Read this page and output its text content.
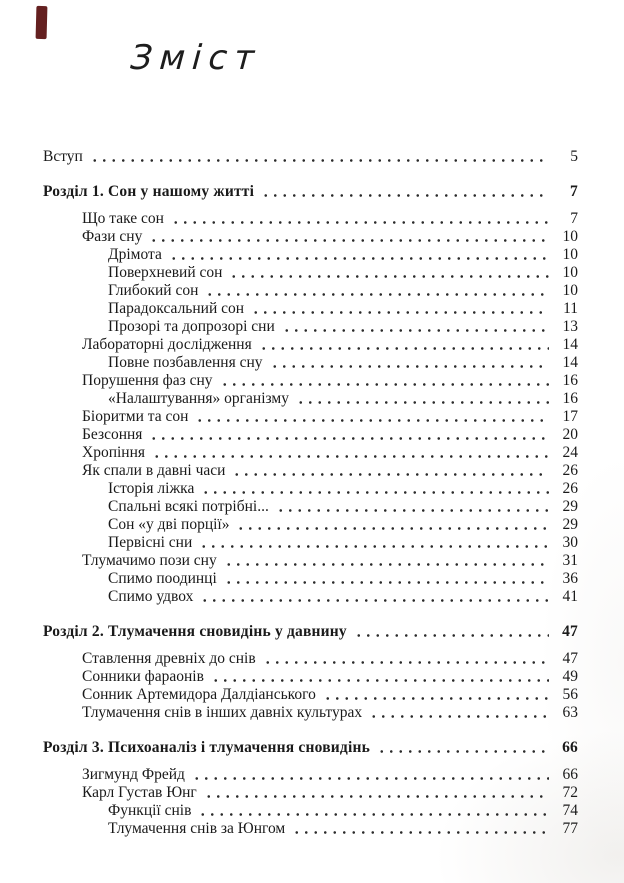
Зміст
Вступ	5
Розділ 1. Сон у нашому житті	7
Що таке сон	7
Фази сну	10
Дрімота	10
Поверхневий сон	10
Глибокий сон	10
Парадоксальний сон	11
Прозорі та допрозорі сни	13
Лабораторні дослідження	14
Повне позбавлення сну	14
Порушення фаз сну	16
«Налаштування» організму	16
Біоритми та сон	17
Безсоння	20
Хропіння	24
Як спали в давні часи	26
Історія ліжка	26
Спальні всякі потрібні...	29
Сон «у дві порції»	29
Первісні сни	30
Тлумачимо пози сну	31
Спимо поодинці	36
Спимо удвох	41
Розділ 2. Тлумачення сновидінь у давнину	47
Ставлення древніх до снів	47
Сонники фараонів	49
Сонник Артемидора Далдіанського	56
Тлумачення снів в інших давніх культурах	63
Розділ 3. Психоаналіз і тлумачення сновидінь	66
Зигмунд Фрейд	66
Карл Густав Юнг	72
Функції снів	74
Тлумачення снів за Юнгом	77
